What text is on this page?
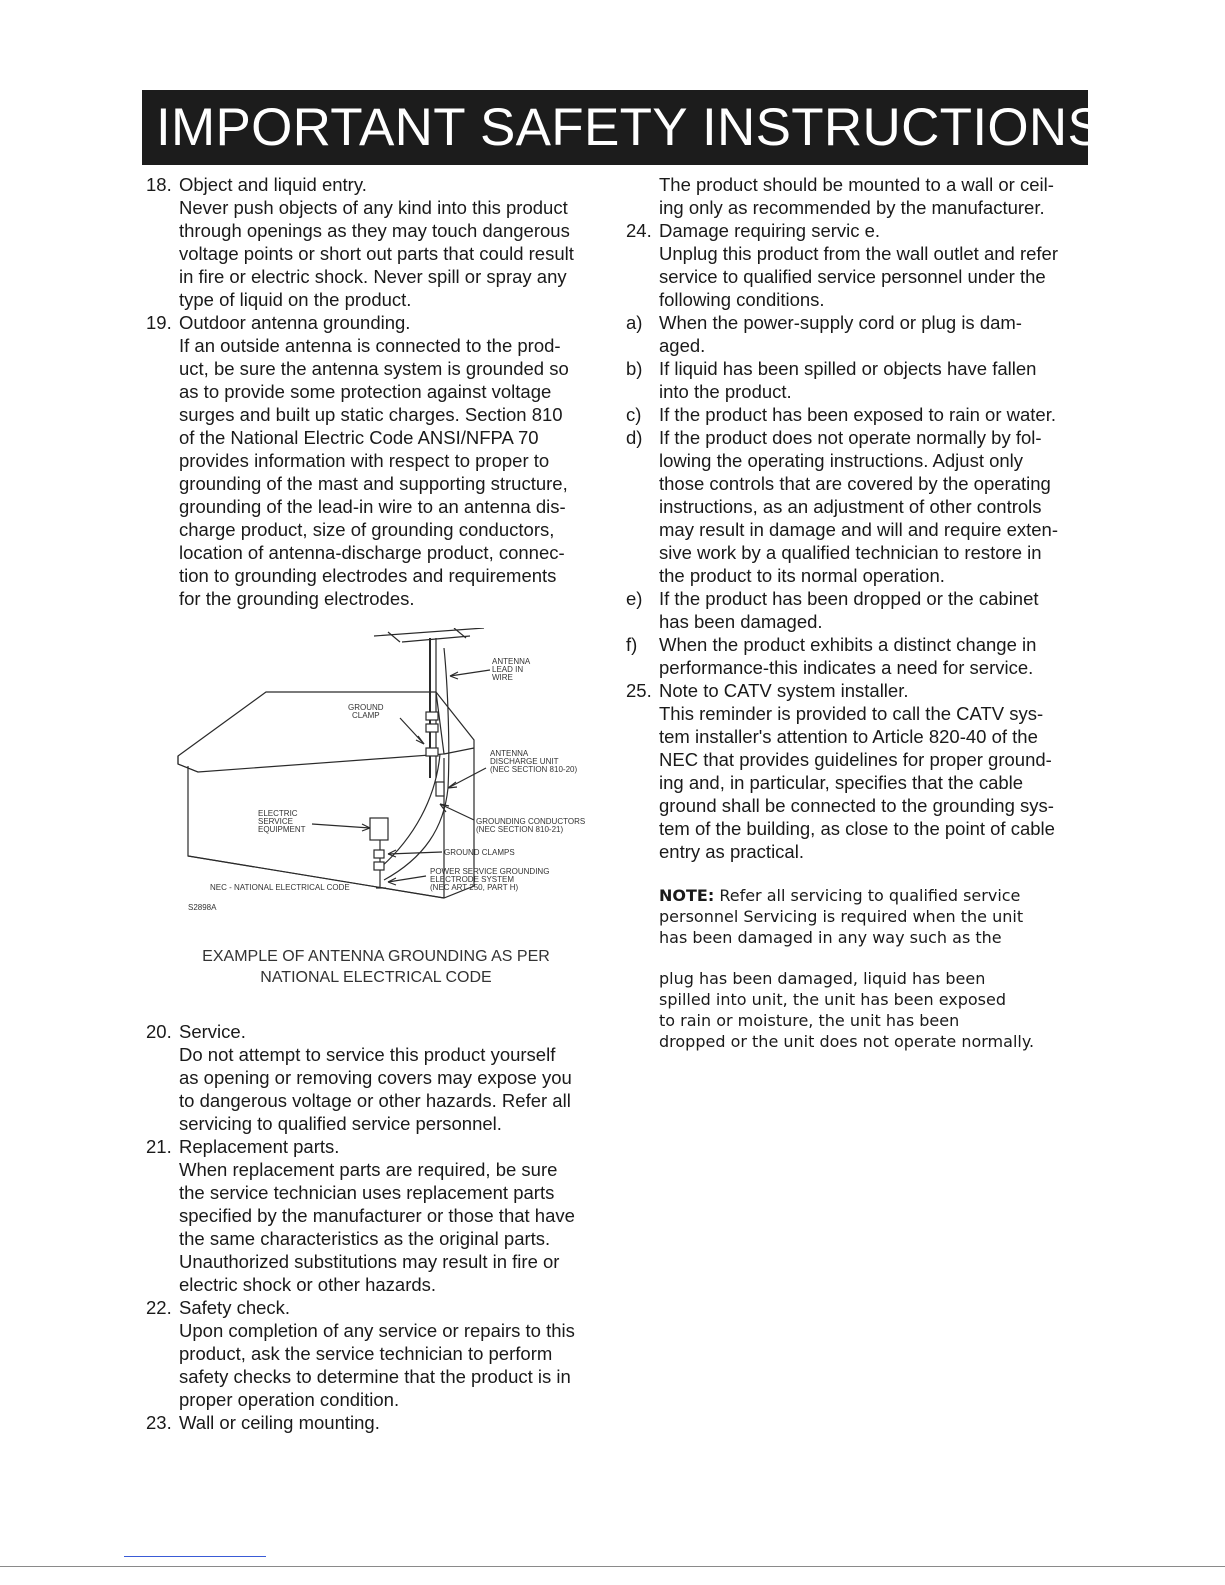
IMPORTANT SAFETY INSTRUCTIONS
18. Object and liquid entry.
Never push objects of any kind into this product
through openings as they may touch dangerous
voltage points or short out parts that could result
in fire or electric shock. Never spill or spray any
type of liquid on the product.
19. Outdoor antenna grounding.
If an outside antenna is connected to the prod-
uct, be sure the antenna system is grounded so
as to provide some protection against voltage
surges and built up static charges. Section 810
of the National Electric Code ANSI/NFPA 70
provides information with respect to proper to
grounding of the mast and supporting structure,
grounding of the lead-in wire to an antenna dis-
charge product, size of grounding conductors,
location of antenna-discharge product, connec-
tion to grounding electrodes and requirements
for the grounding electrodes.
ANTENNA
LEAD IN
WIRE
GROUND
CLAMP
ANTENNA
DISCHARGE UNIT
(NEC SECTION 810-20)
ELECTRIC
SERVICE
EQUIPMENT
GROUNDING CONDUCTORS
(NEC SECTION 810-21)
GROUND CLAMPS
POWER SERVICE GROUNDING
ELECTRODE SYSTEM
(NEC ART 250, PART H)
NEC - NATIONAL ELECTRICAL CODE
S2898A
EXAMPLE OF ANTENNA GROUNDING AS PER
NATIONAL ELECTRICAL CODE
20. Service.
Do not attempt to service this product yourself
as opening or removing covers may expose you
to dangerous voltage or other hazards. Refer all
servicing to qualified service personnel.
21. Replacement parts.
When replacement parts are required, be sure
the service technician uses replacement parts
specified by the manufacturer or those that have
the same characteristics as the original parts.
Unauthorized substitutions may result in fire or
electric shock or other hazards.
22. Safety check.
Upon completion of any service or repairs to this
product, ask the service technician to perform
safety checks to determine that the product is in
proper operation condition.
23. Wall or ceiling mounting.
The product should be mounted to a wall or ceil-
ing only as recommended by the manufacturer.
24. Damage requiring servic e.
Unplug this product from the wall outlet and refer
service to qualified service personnel under the
following conditions.
a) When the power-supply cord or plug is dam-
aged.
b) If liquid has been spilled or objects have fallen
into the product.
c) If the product has been exposed to rain or water.
d) If the product does not operate normally by fol-
lowing the operating instructions. Adjust only
those controls that are covered by the operating
instructions, as an adjustment of other controls
may result in damage and will and require exten-
sive work by a qualified technician to restore in
the product to its normal operation.
e) If the product has been dropped or the cabinet
has been damaged.
f) When the product exhibits a distinct change in
performance-this indicates a need for service.
25. Note to CATV system installer.
This reminder is provided to call the CATV sys-
tem installer's attention to Article 820-40 of the
NEC that provides guidelines for proper ground-
ing and, in particular, specifies that the cable
ground shall be connected to the grounding sys-
tem of the building, as close to the point of cable
entry as practical.
NOTE: Refer all servicing to qualified service
personnel Servicing is required when the unit
has been damaged in any way such as the
plug has been damaged, liquid has been
spilled into unit, the unit has been exposed
to rain or moisture, the unit has been
dropped or the unit does not operate normally.
